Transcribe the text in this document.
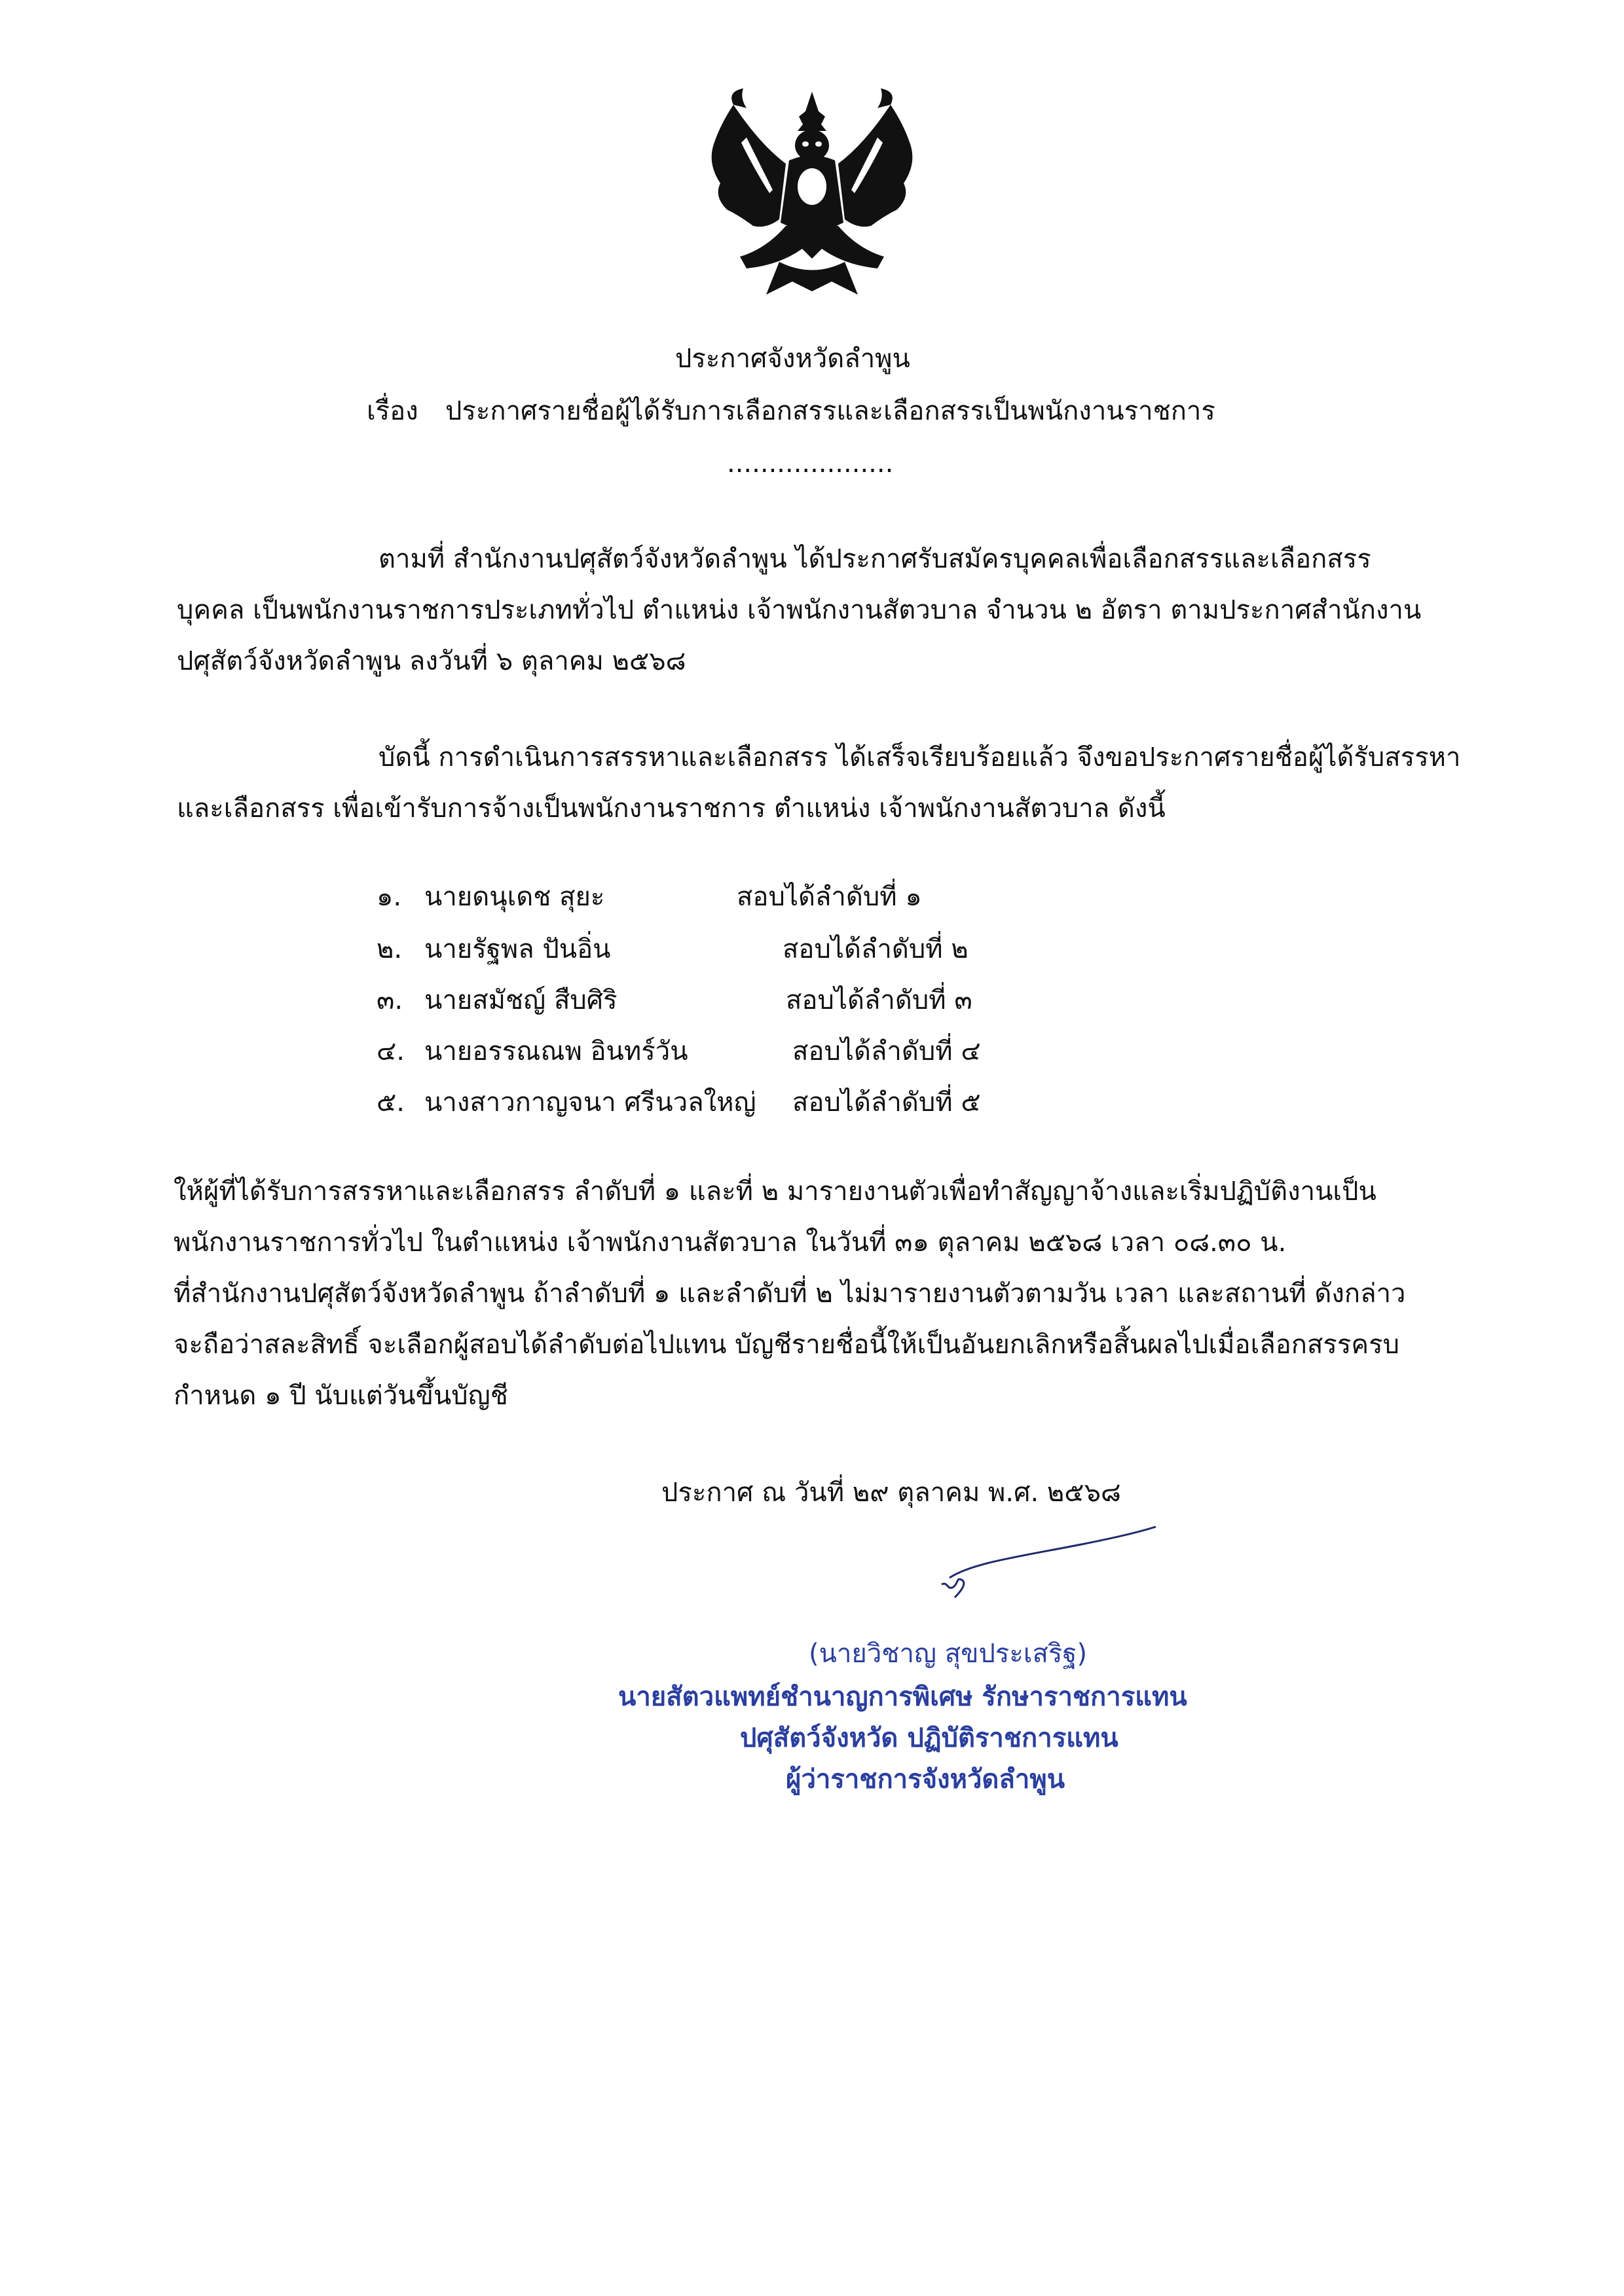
ประกาศจังหวัดลำพูน
เรื่อง ประกาศรายชื่อผู้ได้รับการเลือกสรรและเลือกสรรเป็นพนักงานราชการ
....................
ตามที่ สำนักงานปศุสัตว์จังหวัดลำพูน ได้ประกาศรับสมัครบุคคลเพื่อเลือกสรรและเลือกสรร
บุคคล เป็นพนักงานราชการประเภททั่วไป ตำแหน่ง เจ้าพนักงานสัตวบาล จำนวน ๒ อัตรา ตามประกาศสำนักงาน
ปศุสัตว์จังหวัดลำพูน ลงวันที่ ๖ ตุลาคม ๒๕๖๘
บัดนี้ การดำเนินการสรรหาและเลือกสรร ได้เสร็จเรียบร้อยแล้ว จึงขอประกาศรายชื่อผู้ได้รับสรรหา
และเลือกสรร เพื่อเข้ารับการจ้างเป็นพนักงานราชการ ตำแหน่ง เจ้าพนักงานสัตวบาล ดังนี้
๑. นายดนุเดช สุยะ	สอบได้ลำดับที่ ๑
๒. นายรัฐพล ปันอิ่น	สอบได้ลำดับที่ ๒
๓. นายสมัชญ์ สืบศิริ	สอบได้ลำดับที่ ๓
๔. นายอรรณณพ อินทร์วัน	สอบได้ลำดับที่ ๔
๕. นางสาวกาญจนา ศรีนวลใหญ่ สอบได้ลำดับที่ ๕
ให้ผู้ที่ได้รับการสรรหาและเลือกสรร ลำดับที่ ๑ และที่ ๒ มารายงานตัวเพื่อทำสัญญาจ้างและเริ่มปฏิบัติงานเป็น
พนักงานราชการทั่วไป ในตำแหน่ง เจ้าพนักงานสัตวบาล ในวันที่ ๓๑ ตุลาคม ๒๕๖๘ เวลา ๐๘.๓๐ น.
ที่สำนักงานปศุสัตว์จังหวัดลำพูน ถ้าลำดับที่ ๑ และลำดับที่ ๒ ไม่มารายงานตัวตามวัน เวลา และสถานที่ ดังกล่าว
จะถือว่าสละสิทธิ์ จะเลือกผู้สอบได้ลำดับต่อไปแทน บัญชีรายชื่อนี้ให้เป็นอันยกเลิกหรือสิ้นผลไปเมื่อเลือกสรรครบ
กำหนด ๑ ปี นับแต่วันขึ้นบัญชี
ประกาศ ณ วันที่ ๒๙ ตุลาคม พ.ศ. ๒๕๖๘
(นายวิชาญ สุขประเสริฐ)
นายสัตวแพทย์ชำนาญการพิเศษ รักษาราชการแทน
ปศุสัตว์จังหวัด ปฏิบัติราชการแทน
ผู้ว่าราชการจังหวัดลำพูน
